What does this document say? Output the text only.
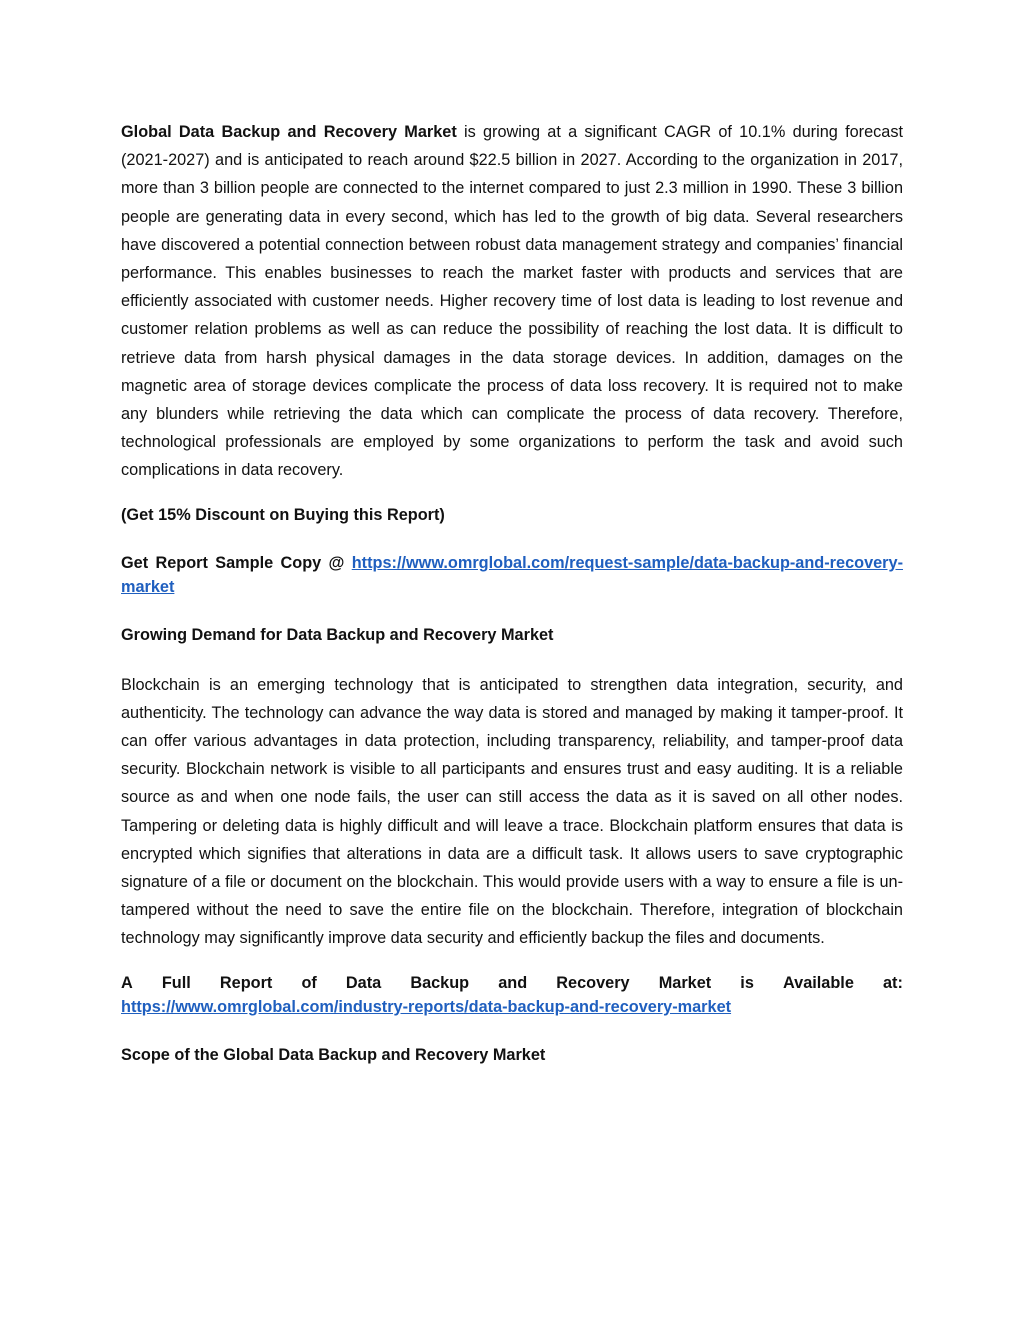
Global Data Backup and Recovery Market is growing at a significant CAGR of 10.1% during forecast (2021-2027) and is anticipated to reach around $22.5 billion in 2027. According to the organization in 2017, more than 3 billion people are connected to the internet compared to just 2.3 million in 1990. These 3 billion people are generating data in every second, which has led to the growth of big data. Several researchers have discovered a potential connection between robust data management strategy and companies’ financial performance. This enables businesses to reach the market faster with products and services that are efficiently associated with customer needs. Higher recovery time of lost data is leading to lost revenue and customer relation problems as well as can reduce the possibility of reaching the lost data. It is difficult to retrieve data from harsh physical damages in the data storage devices. In addition, damages on the magnetic area of storage devices complicate the process of data loss recovery. It is required not to make any blunders while retrieving the data which can complicate the process of data recovery. Therefore, technological professionals are employed by some organizations to perform the task and avoid such complications in data recovery.

(Get 15% Discount on Buying this Report)

Get Report Sample Copy @ https://www.omrglobal.com/request-sample/data-backup-and-recovery-market

Growing Demand for Data Backup and Recovery Market

Blockchain is an emerging technology that is anticipated to strengthen data integration, security, and authenticity. The technology can advance the way data is stored and managed by making it tamper-proof. It can offer various advantages in data protection, including transparency, reliability, and tamper-proof data security. Blockchain network is visible to all participants and ensures trust and easy auditing. It is a reliable source as and when one node fails, the user can still access the data as it is saved on all other nodes. Tampering or deleting data is highly difficult and will leave a trace. Blockchain platform ensures that data is encrypted which signifies that alterations in data are a difficult task. It allows users to save cryptographic signature of a file or document on the blockchain. This would provide users with a way to ensure a file is un-tampered without the need to save the entire file on the blockchain. Therefore, integration of blockchain technology may significantly improve data security and efficiently backup the files and documents.

A Full Report of Data Backup and Recovery Market is Available at:

https://www.omrglobal.com/industry-reports/data-backup-and-recovery-market

Scope of the Global Data Backup and Recovery Market
